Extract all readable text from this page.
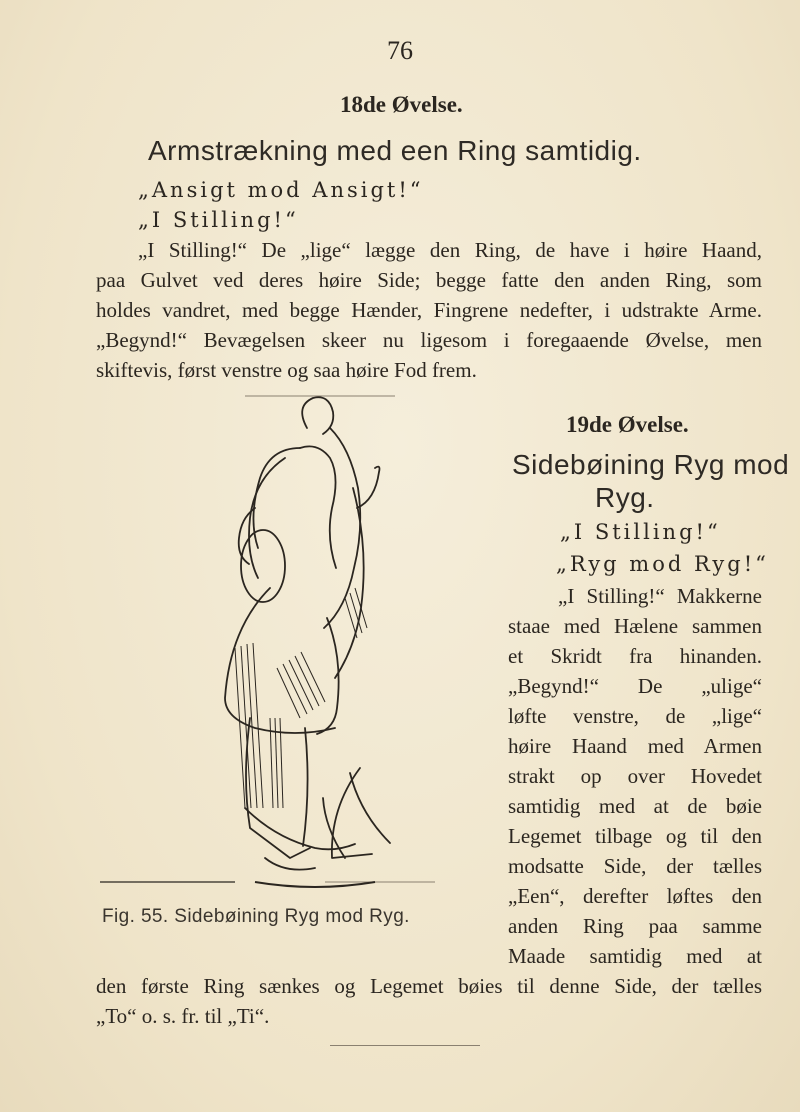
76
18de Øvelse.
Armstrækning med een Ring samtidig.
„Ansigt mod Ansigt!“
„I Stilling!“
„I Stilling!“ De „lige“ lægge den Ring, de have i høire Haand,
paa Gulvet ved deres høire Side; begge fatte den anden Ring, som
holdes vandret, med begge Hænder, Fingrene nedefter, i udstrakte Arme.
„Begynd!“ Bevægelsen skeer nu ligesom i foregaaende Øvelse, men
skiftevis, først venstre og saa høire Fod frem.
Fig. 55. Sidebøining Ryg mod Ryg.
19de Øvelse.
Sidebøining Ryg mod
Ryg.
„I Stilling!“
„Ryg mod Ryg!“
„I Stilling!“ Makkerne
staae med Hælene sammen
et Skridt fra hinanden.
„Begynd!“ De „ulige“
løfte venstre, de „lige“
høire Haand med Armen
strakt op over Hovedet
samtidig med at de bøie
Legemet tilbage og til den
modsatte Side, der tælles
„Een“, derefter løftes den
anden Ring paa samme
Maade samtidig med at
den første Ring sænkes og Legemet bøies til denne Side, der tælles
„To“ o. s. fr. til „Ti“.
